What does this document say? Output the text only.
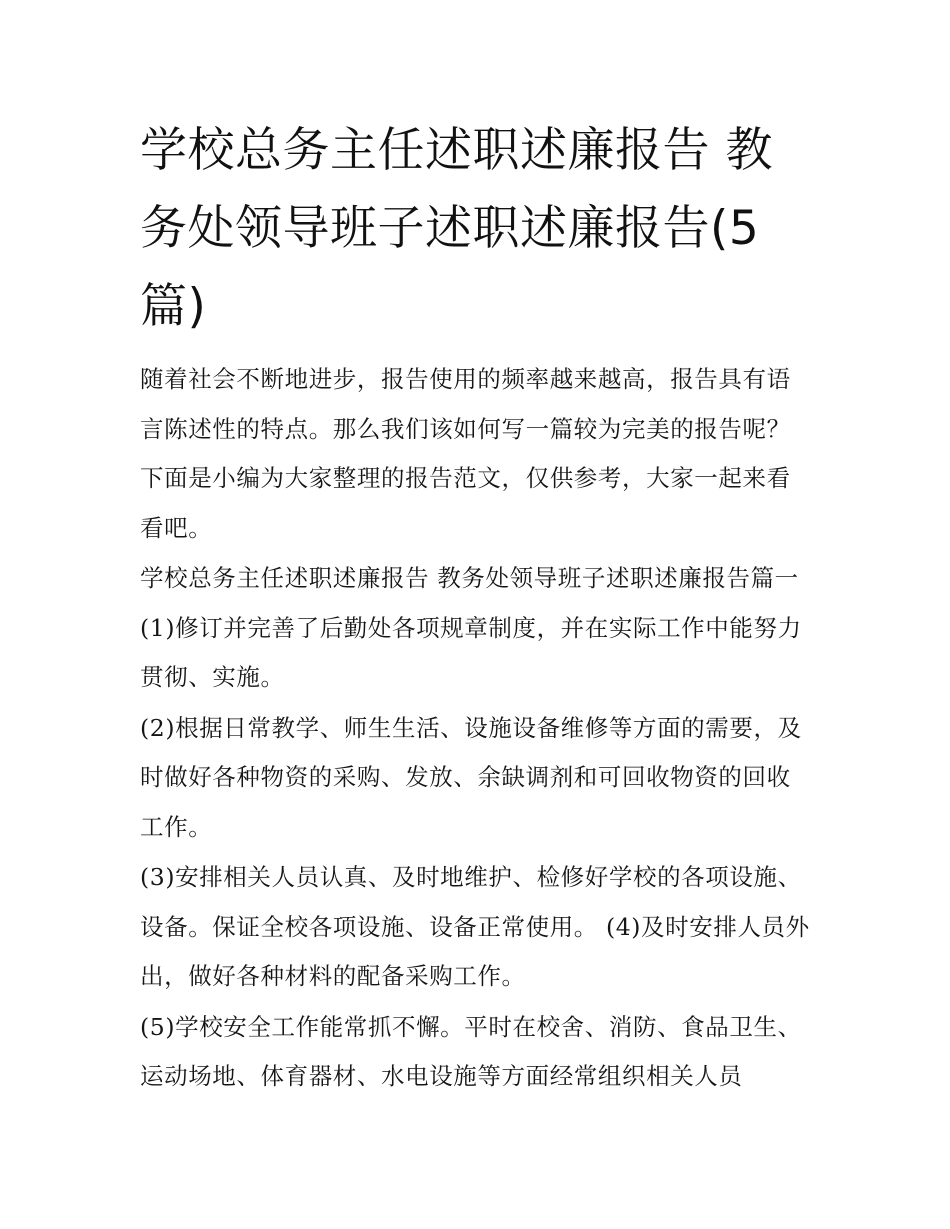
学校总务主任述职述廉报告 教务处领导班子述职述廉报告(5篇)

随着社会不断地进步，报告使用的频率越来越高，报告具有语言陈述性的特点。那么我们该如何写一篇较为完美的报告呢？下面是小编为大家整理的报告范文，仅供参考，大家一起来看看吧。

学校总务主任述职述廉报告 教务处领导班子述职述廉报告篇一 (1)修订并完善了后勤处各项规章制度，并在实际工作中能努力贯彻、实施。

(2)根据日常教学、师生生活、设施设备维修等方面的需要，及时做好各种物资的采购、发放、余缺调剂和可回收物资的回收工作。

(3)安排相关人员认真、及时地维护、检修好学校的各项设施、设备。保证全校各项设施、设备正常使用。 (4)及时安排人员外出，做好各种材料的配备采购工作。

(5)学校安全工作能常抓不懈。平时在校舍、消防、食品卫生、运动场地、体育器材、水电设施等方面经常组织相关人员
